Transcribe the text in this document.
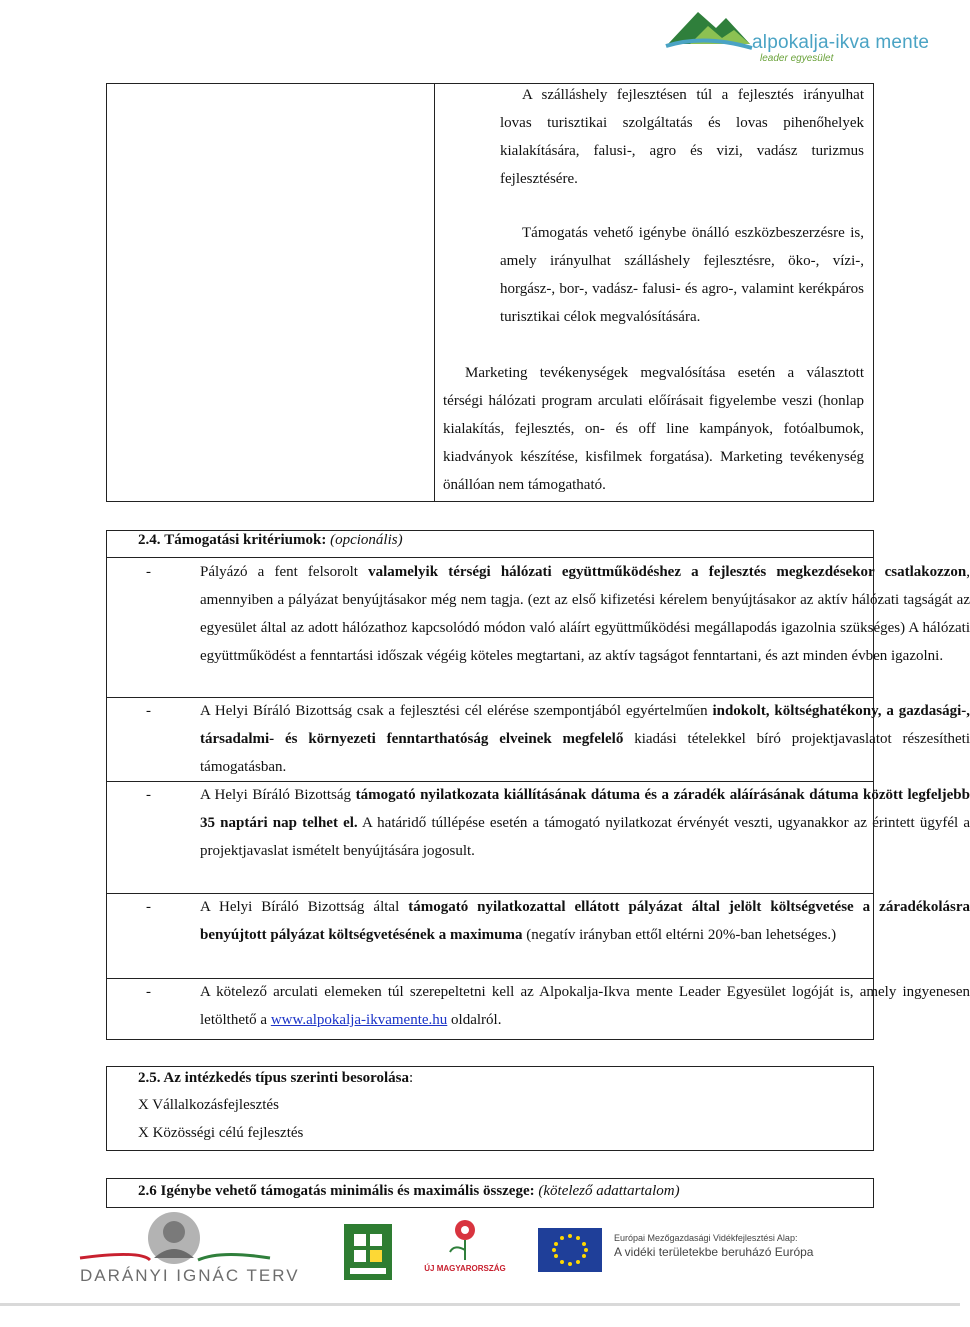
alpokalja-ikva mente
leader egyesület
A szálláshely fejlesztésen túl a fejlesztés irányulhat lovas turisztikai szolgáltatás és lovas pihenőhelyek kialakítására, falusi-, agro és vizi, vadász turizmus fejlesztésére.
Támogatás vehető igénybe önálló eszközbeszerzésre is, amely irányulhat szálláshely fejlesztésre, öko-, vízi-, horgász-, bor-, vadász- falusi- és agro-, valamint kerékpáros turisztikai célok megvalósítására.
Marketing tevékenységek megvalósítása esetén a választott térségi hálózati program arculati előírásait figyelembe veszi (honlap kialakítás, fejlesztés, on- és off line kampányok, fotóalbumok, kiadványok készítése, kisfilmek forgatása). Marketing tevékenység önállóan nem támogatható.
2.4. Támogatási kritériumok: (opcionális)
-	Pályázó a fent felsorolt valamelyik térségi hálózati együttműködéshez a fejlesztés megkezdésekor csatlakozzon, amennyiben a pályázat benyújtásakor még nem tagja. (ezt az első kifizetési kérelem benyújtásakor az aktív hálózati tagságát az egyesület által az adott hálózathoz kapcsolódó módon való aláírt együttműködési megállapodás igazolnia szükséges) A hálózati együttműködést a fenntartási időszak végéig köteles megtartani, az aktív tagságot fenntartani, és azt minden évben igazolni.
-	A Helyi Bíráló Bizottság csak a fejlesztési cél elérése szempontjából egyértelműen indokolt, költséghatékony, a gazdasági-, társadalmi- és környezeti fenntarthatóság elveinek megfelelő kiadási tételekkel bíró projektjavaslatot részesítheti támogatásban.
-	A Helyi Bíráló Bizottság támogató nyilatkozata kiállításának dátuma és a záradék aláírásának dátuma között legfeljebb 35 naptári nap telhet el. A határidő túllépése esetén a támogató nyilatkozat érvényét veszti, ugyanakkor az érintett ügyfél a projektjavaslat ismételt benyújtására jogosult.
-	A Helyi Bíráló Bizottság által támogató nyilatkozattal ellátott pályázat által jelölt költségvetése a záradékolásra benyújtott pályázat költségvetésének a maximuma (negatív irányban ettől eltérni 20%-ban lehetséges.)
-	A kötelező arculati elemeken túl szerepeltetni kell az Alpokalja-Ikva mente Leader Egyesület logóját is, amely ingyenesen letölthető a www.alpokalja-ikvamente.hu oldalról.
2.5. Az intézkedés típus szerinti besorolása:
X Vállalkozásfejlesztés
X Közösségi célú fejlesztés
2.6 Igénybe vehető támogatás minimális és maximális összege: (kötelező adattartalom)
DARÁNYI IGNÁC TERV	ÚJ MAGYARORSZÁG
Európai Mezőgazdasági Vidékfejlesztési Alap:
A vidéki területekbe beruházó Európa
